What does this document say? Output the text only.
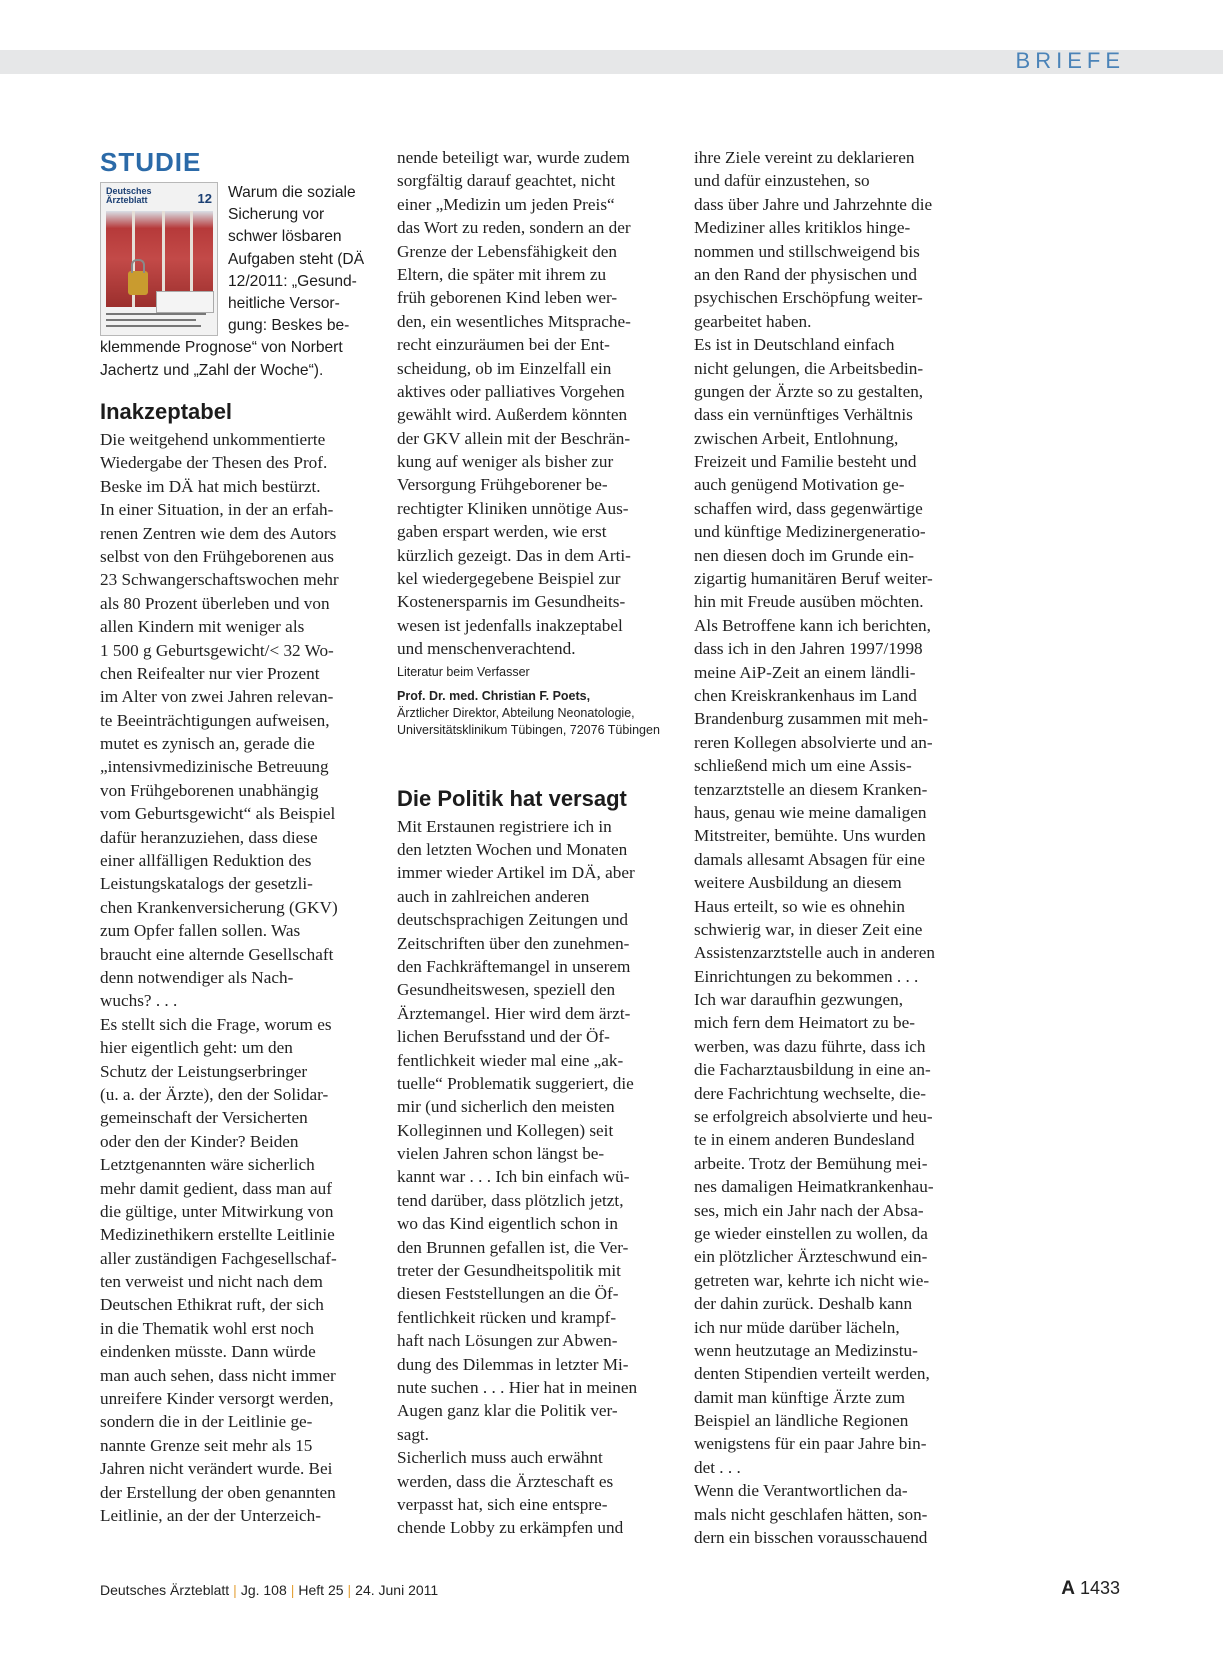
BRIEFE
STUDIE
Deutsches Ärzteblatt	12	Warum die soziale
Sicherung vor
schwer lösbaren
Aufgaben steht (DÄ
12/2011: „Gesund-
heitliche Versor-
gung: Beskes be-
klemmende Prognose“ von Norbert
Jachertz und „Zahl der Woche“).
Inakzeptabel
Die weitgehend unkommentierte
Wiedergabe der Thesen des Prof.
Beske im DÄ hat mich bestürzt.
In einer Situation, in der an erfah-
renen Zentren wie dem des Autors
selbst von den Frühgeborenen aus
23 Schwangerschaftswochen mehr
als 80 Prozent überleben und von
allen Kindern mit weniger als
1 500 g Geburtsgewicht/< 32 Wo-
chen Reifealter nur vier Prozent
im Alter von zwei Jahren relevan-
te Beeinträchtigungen aufweisen,
mutet es zynisch an, gerade die
„intensivmedizinische Betreuung
von Frühgeborenen unabhängig
vom Geburtsgewicht“ als Beispiel
dafür heranzuziehen, dass diese
einer allfälligen Reduktion des
Leistungskatalogs der gesetzli-
chen Krankenversicherung (GKV)
zum Opfer fallen sollen. Was
braucht eine alternde Gesellschaft
denn notwendiger als Nach-
wuchs? . . .
Es stellt sich die Frage, worum es
hier eigentlich geht: um den
Schutz der Leistungserbringer
(u. a. der Ärzte), den der Solidar-
gemeinschaft der Versicherten
oder den der Kinder? Beiden
Letztgenannten wäre sicherlich
mehr damit gedient, dass man auf
die gültige, unter Mitwirkung von
Medizinethikern erstellte Leitlinie
aller zuständigen Fachgesellschaf-
ten verweist und nicht nach dem
Deutschen Ethikrat ruft, der sich
in die Thematik wohl erst noch
eindenken müsste. Dann würde
man auch sehen, dass nicht immer
unreifere Kinder versorgt werden,
sondern die in der Leitlinie ge-
nannte Grenze seit mehr als 15
Jahren nicht verändert wurde. Bei
der Erstellung der oben genannten
Leitlinie, an der der Unterzeich-
nende beteiligt war, wurde zudem
sorgfältig darauf geachtet, nicht
einer „Medizin um jeden Preis“
das Wort zu reden, sondern an der
Grenze der Lebensfähigkeit den
Eltern, die später mit ihrem zu
früh geborenen Kind leben wer-
den, ein wesentliches Mitsprache-
recht einzuräumen bei der Ent-
scheidung, ob im Einzelfall ein
aktives oder palliatives Vorgehen
gewählt wird. Außerdem könnten
der GKV allein mit der Beschrän-
kung auf weniger als bisher zur
Versorgung Frühgeborener be-
rechtigter Kliniken unnötige Aus-
gaben erspart werden, wie erst
kürzlich gezeigt. Das in dem Arti-
kel wiedergegebene Beispiel zur
Kostenersparnis im Gesundheits-
wesen ist jedenfalls inakzeptabel
und menschenverachtend.
Literatur beim Verfasser
Prof. Dr. med. Christian F. Poets,
Ärztlicher Direktor, Abteilung Neonatologie,
Universitätsklinikum Tübingen, 72076 Tübingen
Die Politik hat versagt
Mit Erstaunen registriere ich in
den letzten Wochen und Monaten
immer wieder Artikel im DÄ, aber
auch in zahlreichen anderen
deutschsprachigen Zeitungen und
Zeitschriften über den zunehmen-
den Fachkräftemangel in unserem
Gesundheitswesen, speziell den
Ärztemangel. Hier wird dem ärzt-
lichen Berufsstand und der Öf-
fentlichkeit wieder mal eine „ak-
tuelle“ Problematik suggeriert, die
mir (und sicherlich den meisten
Kolleginnen und Kollegen) seit
vielen Jahren schon längst be-
kannt war . . . Ich bin einfach wü-
tend darüber, dass plötzlich jetzt,
wo das Kind eigentlich schon in
den Brunnen gefallen ist, die Ver-
treter der Gesundheitspolitik mit
diesen Feststellungen an die Öf-
fentlichkeit rücken und krampf-
haft nach Lösungen zur Abwen-
dung des Dilemmas in letzter Mi-
nute suchen . . . Hier hat in meinen
Augen ganz klar die Politik ver-
sagt.
Sicherlich muss auch erwähnt
werden, dass die Ärzteschaft es
verpasst hat, sich eine entspre-
chende Lobby zu erkämpfen und
ihre Ziele vereint zu deklarieren
und dafür einzustehen, so
dass über Jahre und Jahrzehnte die
Mediziner alles kritiklos hinge-
nommen und stillschweigend bis
an den Rand der physischen und
psychischen Erschöpfung weiter-
gearbeitet haben.
Es ist in Deutschland einfach
nicht gelungen, die Arbeitsbedin-
gungen der Ärzte so zu gestalten,
dass ein vernünftiges Verhältnis
zwischen Arbeit, Entlohnung,
Freizeit und Familie besteht und
auch genügend Motivation ge-
schaffen wird, dass gegenwärtige
und künftige Medizinergeneratio-
nen diesen doch im Grunde ein-
zigartig humanitären Beruf weiter-
hin mit Freude ausüben möchten.
Als Betroffene kann ich berichten,
dass ich in den Jahren 1997/1998
meine AiP-Zeit an einem ländli-
chen Kreiskrankenhaus im Land
Brandenburg zusammen mit meh-
reren Kollegen absolvierte und an-
schließend mich um eine Assis-
tenzarztstelle an diesem Kranken-
haus, genau wie meine damaligen
Mitstreiter, bemühte. Uns wurden
damals allesamt Absagen für eine
weitere Ausbildung an diesem
Haus erteilt, so wie es ohnehin
schwierig war, in dieser Zeit eine
Assistenzarztstelle auch in anderen
Einrichtungen zu bekommen . . .
Ich war daraufhin gezwungen,
mich fern dem Heimatort zu be-
werben, was dazu führte, dass ich
die Facharztausbildung in eine an-
dere Fachrichtung wechselte, die-
se erfolgreich absolvierte und heu-
te in einem anderen Bundesland
arbeite. Trotz der Bemühung mei-
nes damaligen Heimatkrankenhau-
ses, mich ein Jahr nach der Absa-
ge wieder einstellen zu wollen, da
ein plötzlicher Ärzteschwund ein-
getreten war, kehrte ich nicht wie-
der dahin zurück. Deshalb kann
ich nur müde darüber lächeln,
wenn heutzutage an Medizinstu-
denten Stipendien verteilt werden,
damit man künftige Ärzte zum
Beispiel an ländliche Regionen
wenigstens für ein paar Jahre bin-
det . . .
Wenn die Verantwortlichen da-
mals nicht geschlafen hätten, son-
dern ein bisschen vorausschauend
Deutsches Ärzteblatt | Jg. 108 | Heft 25 | 24. Juni 2011	A 1433
